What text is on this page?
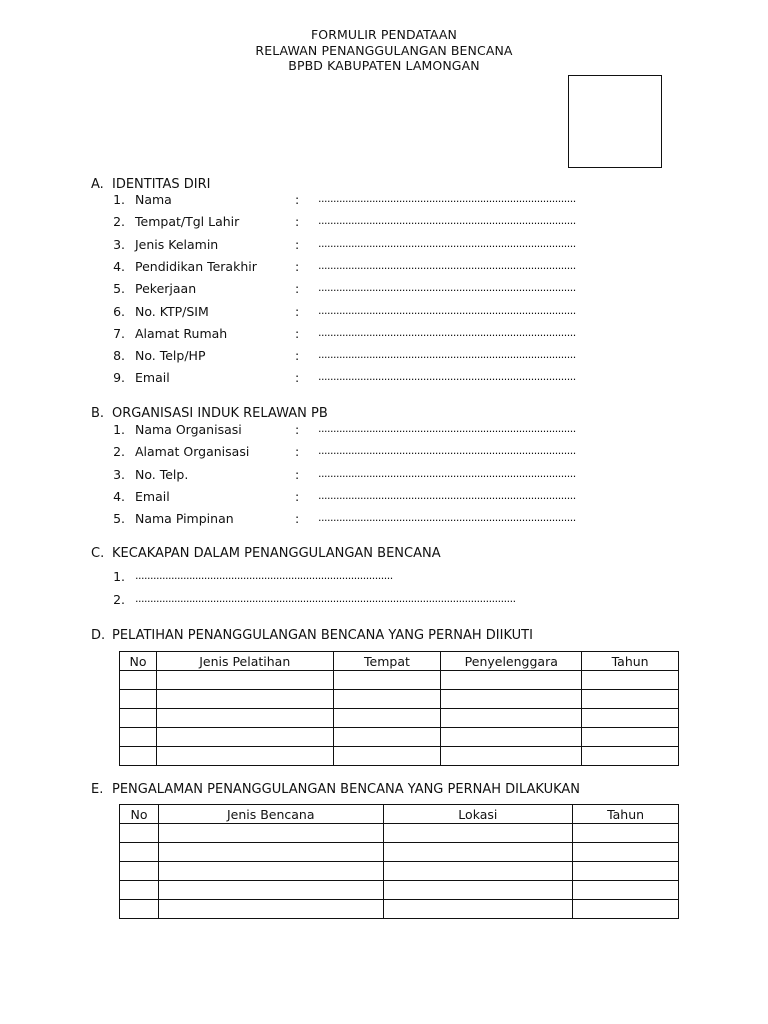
FORMULIR PENDATAAN
RELAWAN PENANGGULANGAN BENCANA
BPBD KABUPATEN LAMONGAN
A. IDENTITAS DIRI
1. Nama	: ......................................................................................
2. Tempat/Tgl Lahir	: ......................................................................................
3. Jenis Kelamin	: ......................................................................................
4. Pendidikan Terakhir	: ......................................................................................
5. Pekerjaan	: ......................................................................................
6. No. KTP/SIM	: ......................................................................................
7. Alamat Rumah	: ......................................................................................
8. No. Telp/HP	: ......................................................................................
9. Email	: ......................................................................................
B. ORGANISASI INDUK RELAWAN PB
1. Nama Organisasi	: ......................................................................................
2. Alamat Organisasi	: ......................................................................................
3. No. Telp.	: ......................................................................................
4. Email	: ......................................................................................
5. Nama Pimpinan	: ......................................................................................
C. KECAKAPAN DALAM PENANGGULANGAN BENCANA
1. ......................................................................................
2. ...............................................................................................................................
D. PELATIHAN PENANGGULANGAN BENCANA YANG PERNAH DIIKUTI
No	Jenis Pelatihan	Tempat	Penyelenggara	Tahun

E. PENGALAMAN PENANGGULANGAN BENCANA YANG PERNAH DILAKUKAN
No	Jenis Bencana	Lokasi	Tahun
